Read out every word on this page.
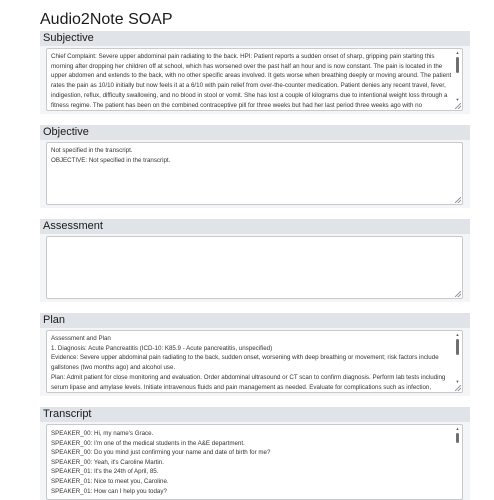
Audio2Note SOAP
Subjective
Chief Complaint: Severe upper abdominal pain radiating to the back. HPI: Patient reports a sudden onset of sharp, gripping pain starting this
morning after dropping her children off at school, which has worsened over the past half an hour and is now constant. The pain is located in the
upper abdomen and extends to the back, with no other specific areas involved. It gets worse when breathing deeply or moving around. The patient
rates the pain as 10/10 initially but now feels it at a 6/10 with pain relief from over-the-counter medication. Patient denies any recent travel, fever,
indigestion, reflux, difficulty swallowing, and no blood in stool or vomit. She has lost a couple of kilograms due to intentional weight loss through a
fitness regime. The patient has been on the combined contraceptive pill for three weeks but had her last period three weeks ago with no
▲
▼
Objective
Not specified in the transcript.
OBJECTIVE: Not specified in the transcript.
Assessment
Plan
Assessment and Plan
1. Diagnosis: Acute Pancreatitis (ICD-10: K85.9 - Acute pancreatitis, unspecified)
Evidence: Severe upper abdominal pain radiating to the back, sudden onset, worsening with deep breathing or movement; risk factors include
gallstones (two months ago) and alcohol use.
Plan: Admit patient for close monitoring and evaluation. Order abdominal ultrasound or CT scan to confirm diagnosis. Perform lab tests including
serum lipase and amylase levels. Initiate intravenous fluids and pain management as needed. Evaluate for complications such as infection,
▲
▼
Transcript
SPEAKER_00: Hi, my name's Grace.
SPEAKER_00: I'm one of the medical students in the A&E department.
SPEAKER_00: Do you mind just confirming your name and date of birth for me?
SPEAKER_00: Yeah, it's Caroline Martin.
SPEAKER_01: It's the 24th of April, 85.
SPEAKER_01: Nice to meet you, Caroline.
SPEAKER_01: How can I help you today?
▲
